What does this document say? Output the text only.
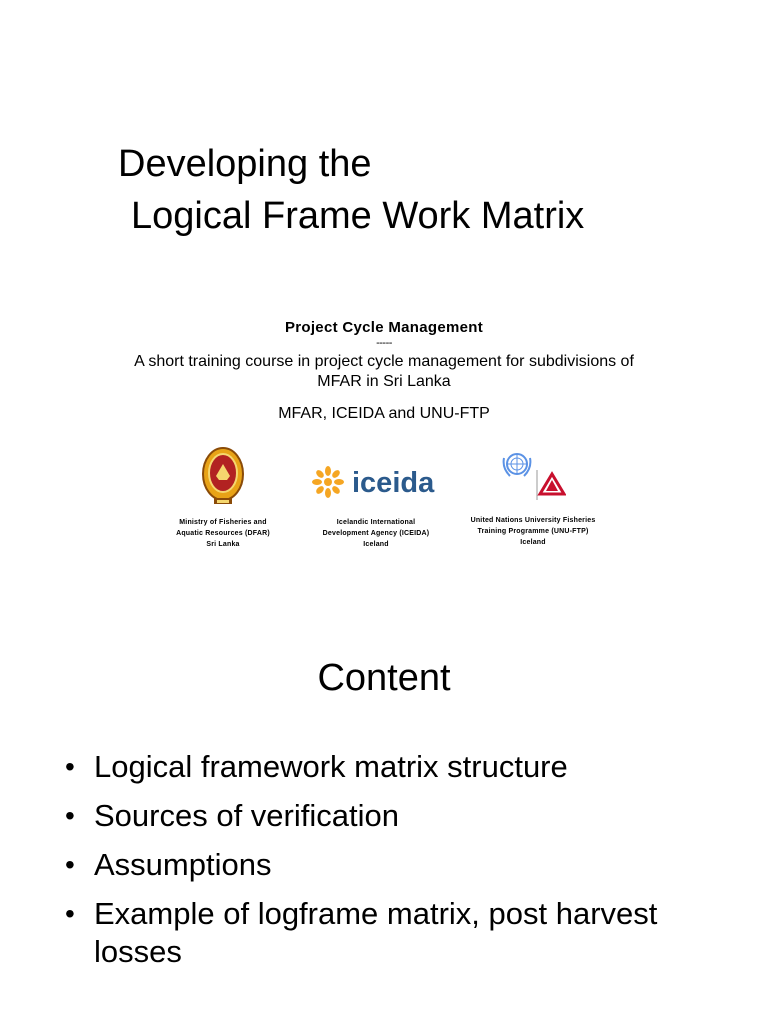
Developing the
Logical Frame Work Matrix
Project Cycle Management
-----
A short training course in project cycle management for subdivisions of MFAR in Sri Lanka
MFAR, ICEIDA and UNU-FTP
iceida
Ministry of Fisheries and
Aquatic Resources (DFAR)
Sri Lanka
Icelandic International
Development Agency (ICEIDA)
Iceland
United Nations University Fisheries
Training Programme (UNU-FTP)
Iceland
Content
• Logical framework matrix structure
• Sources of verification
• Assumptions
• Example of logframe matrix, post harvest losses
